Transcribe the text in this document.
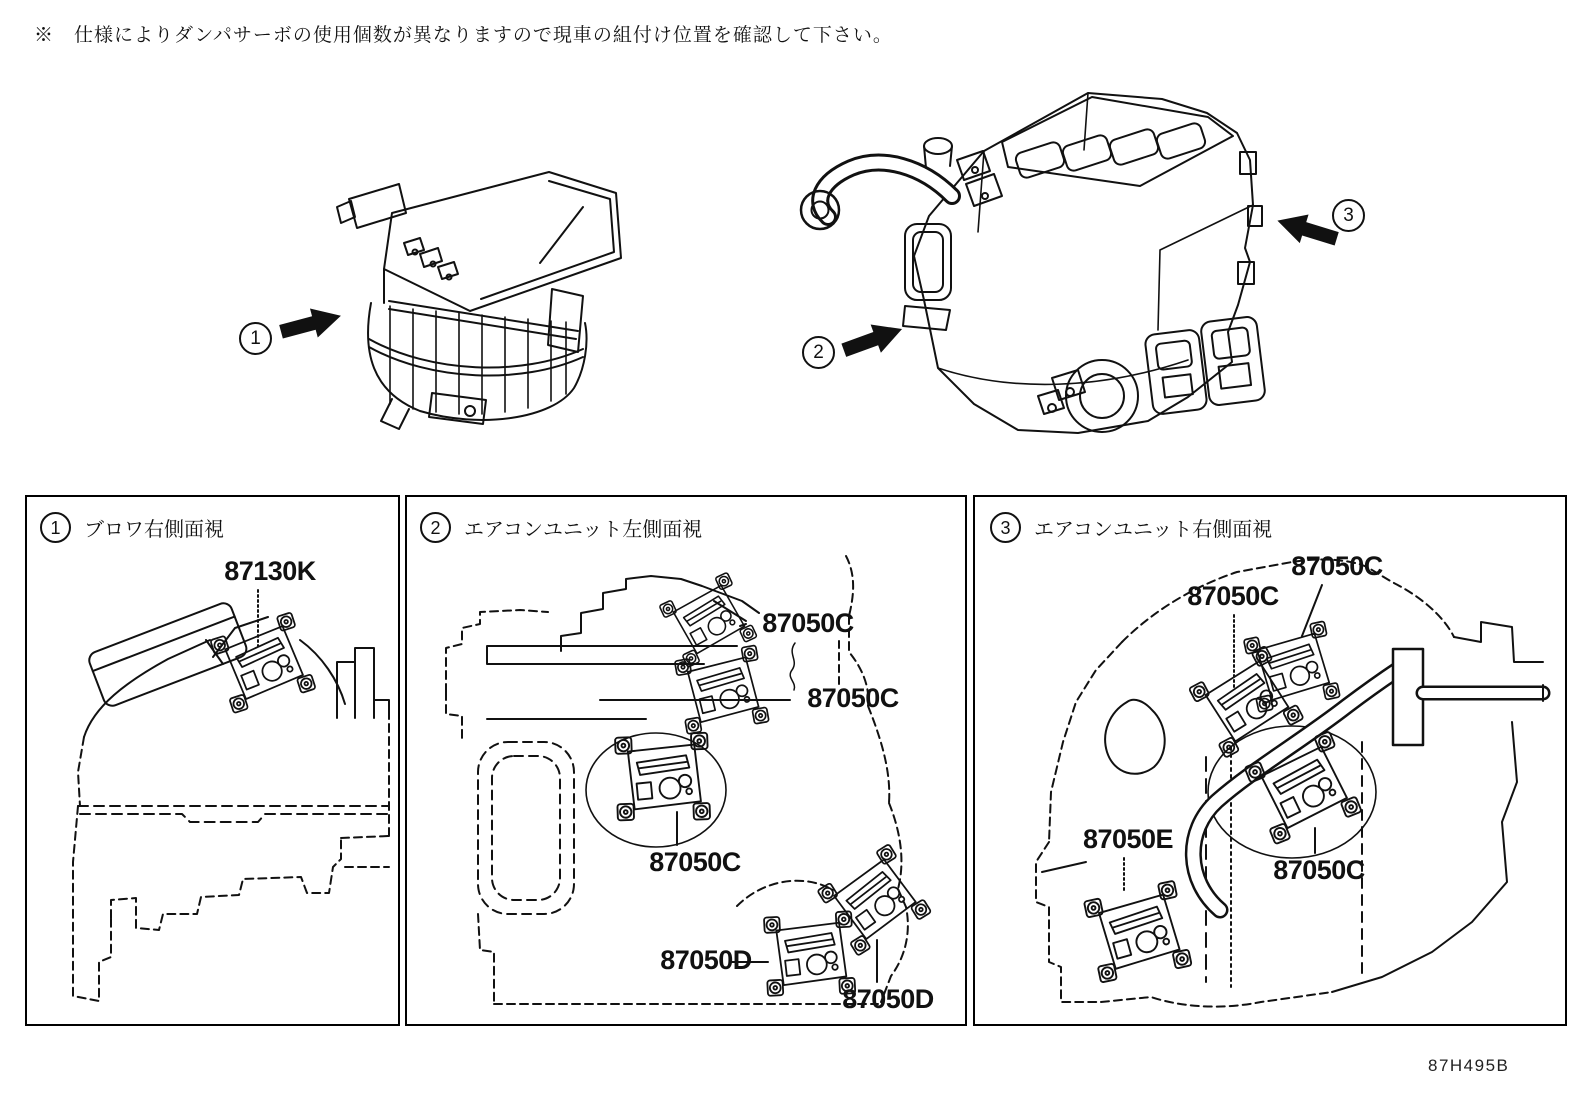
※　仕様によりダンパサーボの使用個数が異なりますので現車の組付け位置を確認して下さい。
1
2
3
1	ブロワ右側面視	2	エアコンユニット左側面視	3	エアコンユニット右側面視
87130K
87050C
87050C
87050C
87050D
87050D
87050C
87050C
87050E
87050C
87H495B
